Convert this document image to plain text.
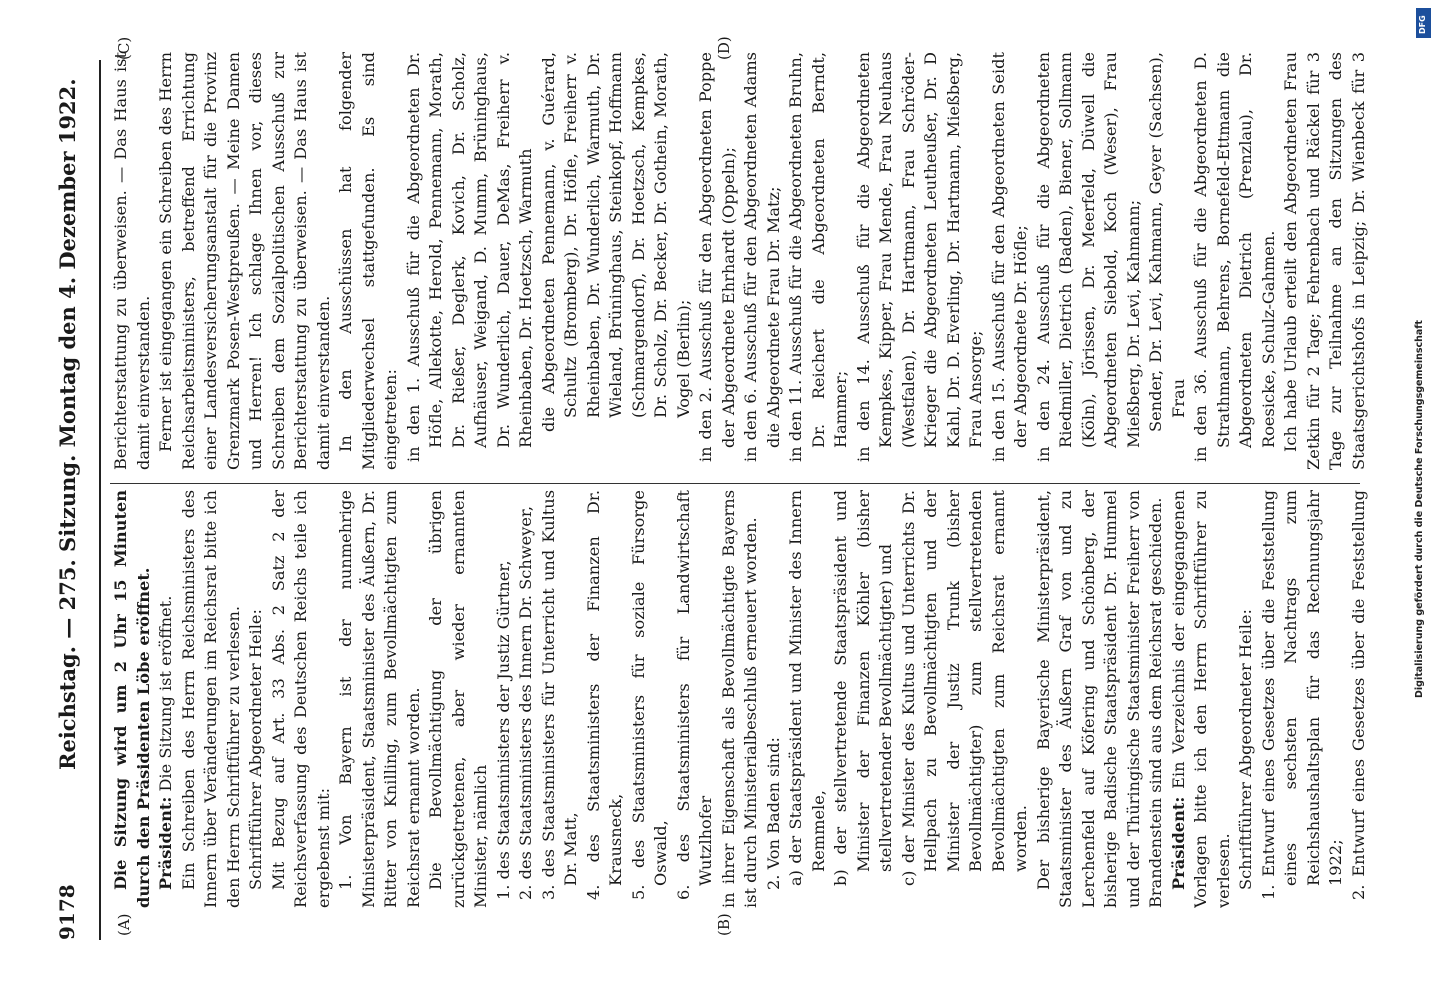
9178
Reichstag. — 275. Sitzung. Montag den 4. Dezember 1922.
(A)	(B)
(C)	(D)

Die Sitzung wird um 2 Uhr 15 Minuten durch den Präsidenten Löbe eröffnet. Präsident: Die Sitzung ist eröffnet. Ein Schreiben des Herrn Reichsministers des Innern über Veränderungen im Reichsrat bitte ich den Herrn Schriftführer zu verlesen. Schriftführer Abgeordneter Heile: Mit Bezug auf Art. 33 Abs. 2 Satz 2 der Reichsverfassung des Deutschen Reichs teile ich ergebenst mit: 1. Von Bayern ist der nunmehrige Ministerpräsident, Staatsminister des Äußern, Dr. Ritter von Knilling, zum Bevollmächtigten zum Reichsrat ernannt worden. Die Bevollmächtigung der übrigen zurückgetretenen, aber wieder ernannten Minister, nämlich 1. des Staatsministers der Justiz Gürtner, 2. des Staatsministers des Innern Dr. Schweyer, 3. des Staatsministers für Unterricht und Kultus Dr. Matt, 4. des Staatsministers der Finanzen Dr. Krausneck, 5. des Staatsministers für soziale Fürsorge Oswald, 6. des Staatsministers für Landwirtschaft Wutzlhofer in ihrer Eigenschaft als Bevollmächtigte Bayerns ist durch Ministerialbeschluß erneuert worden. 2. Von Baden sind: a) der Staatspräsident und Minister des Innern Remmele, b) der stellvertretende Staatspräsident und Minister der Finanzen Köhler (bisher stellvertretender Bevollmächtigter) und c) der Minister des Kultus und Unterrichts Dr. Hellpach zu Bevollmächtigten und der Minister der Justiz Trunk (bisher Bevollmächtigter) zum stellvertretenden Bevollmächtigten zum Reichsrat ernannt worden. Der bisherige Bayerische Ministerpräsident, Staatsminister des Äußern Graf von und zu Lerchenfeld auf Köfering und Schönberg, der bisherige Badische Staatspräsident Dr. Hummel und der Thüringische Staatsminister Freiherr von Brandenstein sind aus dem Reichsrat geschieden. Präsident: Ein Verzeichnis der eingegangenen Vorlagen bitte ich den Herrn Schriftführer zu verlesen. Schriftführer Abgeordneter Heile: 1. Entwurf eines Gesetzes über die Feststellung eines sechsten Nachtrags zum Reichshaushaltsplan für das Rechnungsjahr 1922;

2. Entwurf eines Gesetzes über die Feststellung

Berichterstattung zu überweisen. — Das Haus ist damit einverstanden. Ferner ist eingegangen ein Schreiben des Herrn Reichsarbeitsministers, betreffend Errichtung einer Landesversicherungsanstalt für die Provinz Grenzmark Posen-Westpreußen. — Meine Damen und Herren! Ich schlage Ihnen vor, dieses Schreiben dem Sozialpolitischen Ausschuß zur Berichterstattung zu überweisen. — Das Haus ist damit einverstanden. In den Ausschüssen hat folgender Mitgliederwechsel stattgefunden. Es sind eingetreten: in den 1. Ausschuß für die Abgeordneten Dr. Höfle, Allekotte, Herold, Pennemann, Morath, Dr. Rießer, Deglerk, Kovich, Dr. Scholz, Aufhäuser, Weigand, D. Mumm, Brüninghaus, Dr. Wunderlich, Dauer, DeMas, Freiherr v. Rheinbaben, Dr. Hoetzsch, Warmuth die Abgeordneten Pennemann, v. Guérard, Schultz (Bromberg), Dr. Höfle, Freiherr v. Rheinbaben, Dr. Wunderlich, Warmuth, Dr. Wieland, Brüninghaus, Steinkopf, Hoffmann (Schmargendorf), Dr. Hoetzsch, Kempkes, Dr. Scholz, Dr. Becker, Dr. Gothein, Morath, Vogel (Berlin); in den 2. Ausschuß für den Abgeordneten Poppe der Abgeordnete Ehrhardt (Oppeln); in den 6. Ausschuß für den Abgeordneten Adams die Abgeordnete Frau Dr. Matz; in den 11. Ausschuß für die Abgeordneten Bruhn, Dr. Reichert die Abgeordneten Berndt, Hammer; in den 14. Ausschuß für die Abgeordneten Kempkes, Kipper, Frau Mende, Frau Neuhaus (Westfalen), Dr. Hartmann, Frau Schröder-Krieger die Abgeordneten Leutheußer, Dr. D Kahl, Dr. D. Everling, Dr. Hartmann, Mießberg, Frau Ansorge; in den 15. Ausschuß für den Abgeordneten Seidt der Abgeordnete Dr. Höfle; in den 24. Ausschuß für die Abgeordneten Riedmiller, Dietrich (Baden), Biener, Sollmann (Köln), Jörissen, Dr. Meerfeld, Düwell die Abgeordneten Siebold, Koch (Weser), Frau Mießberg, Dr. Levi, Kahmann; Sender, Dr. Levi, Kahmann, Geyer (Sachsen), Frau in den 36. Ausschuß für die Abgeordneten D. Strathmann, Behrens, Bornefeld-Ettmann die Abgeordneten Dietrich (Prenzlau), Dr. Roesicke, Schulz-Gahmen. Ich habe Urlaub erteilt den Abgeordneten Frau Zetkin für 2 Tage; Fehrenbach und Räckel für 3 Tage zur Teilnahme an den Sitzungen des Staatsgerichtshofs in Leipzig; Dr. Wienbeck für 3

Digitalisierung gefördert durch die Deutsche Forschungsgemeinschaft
DFG
